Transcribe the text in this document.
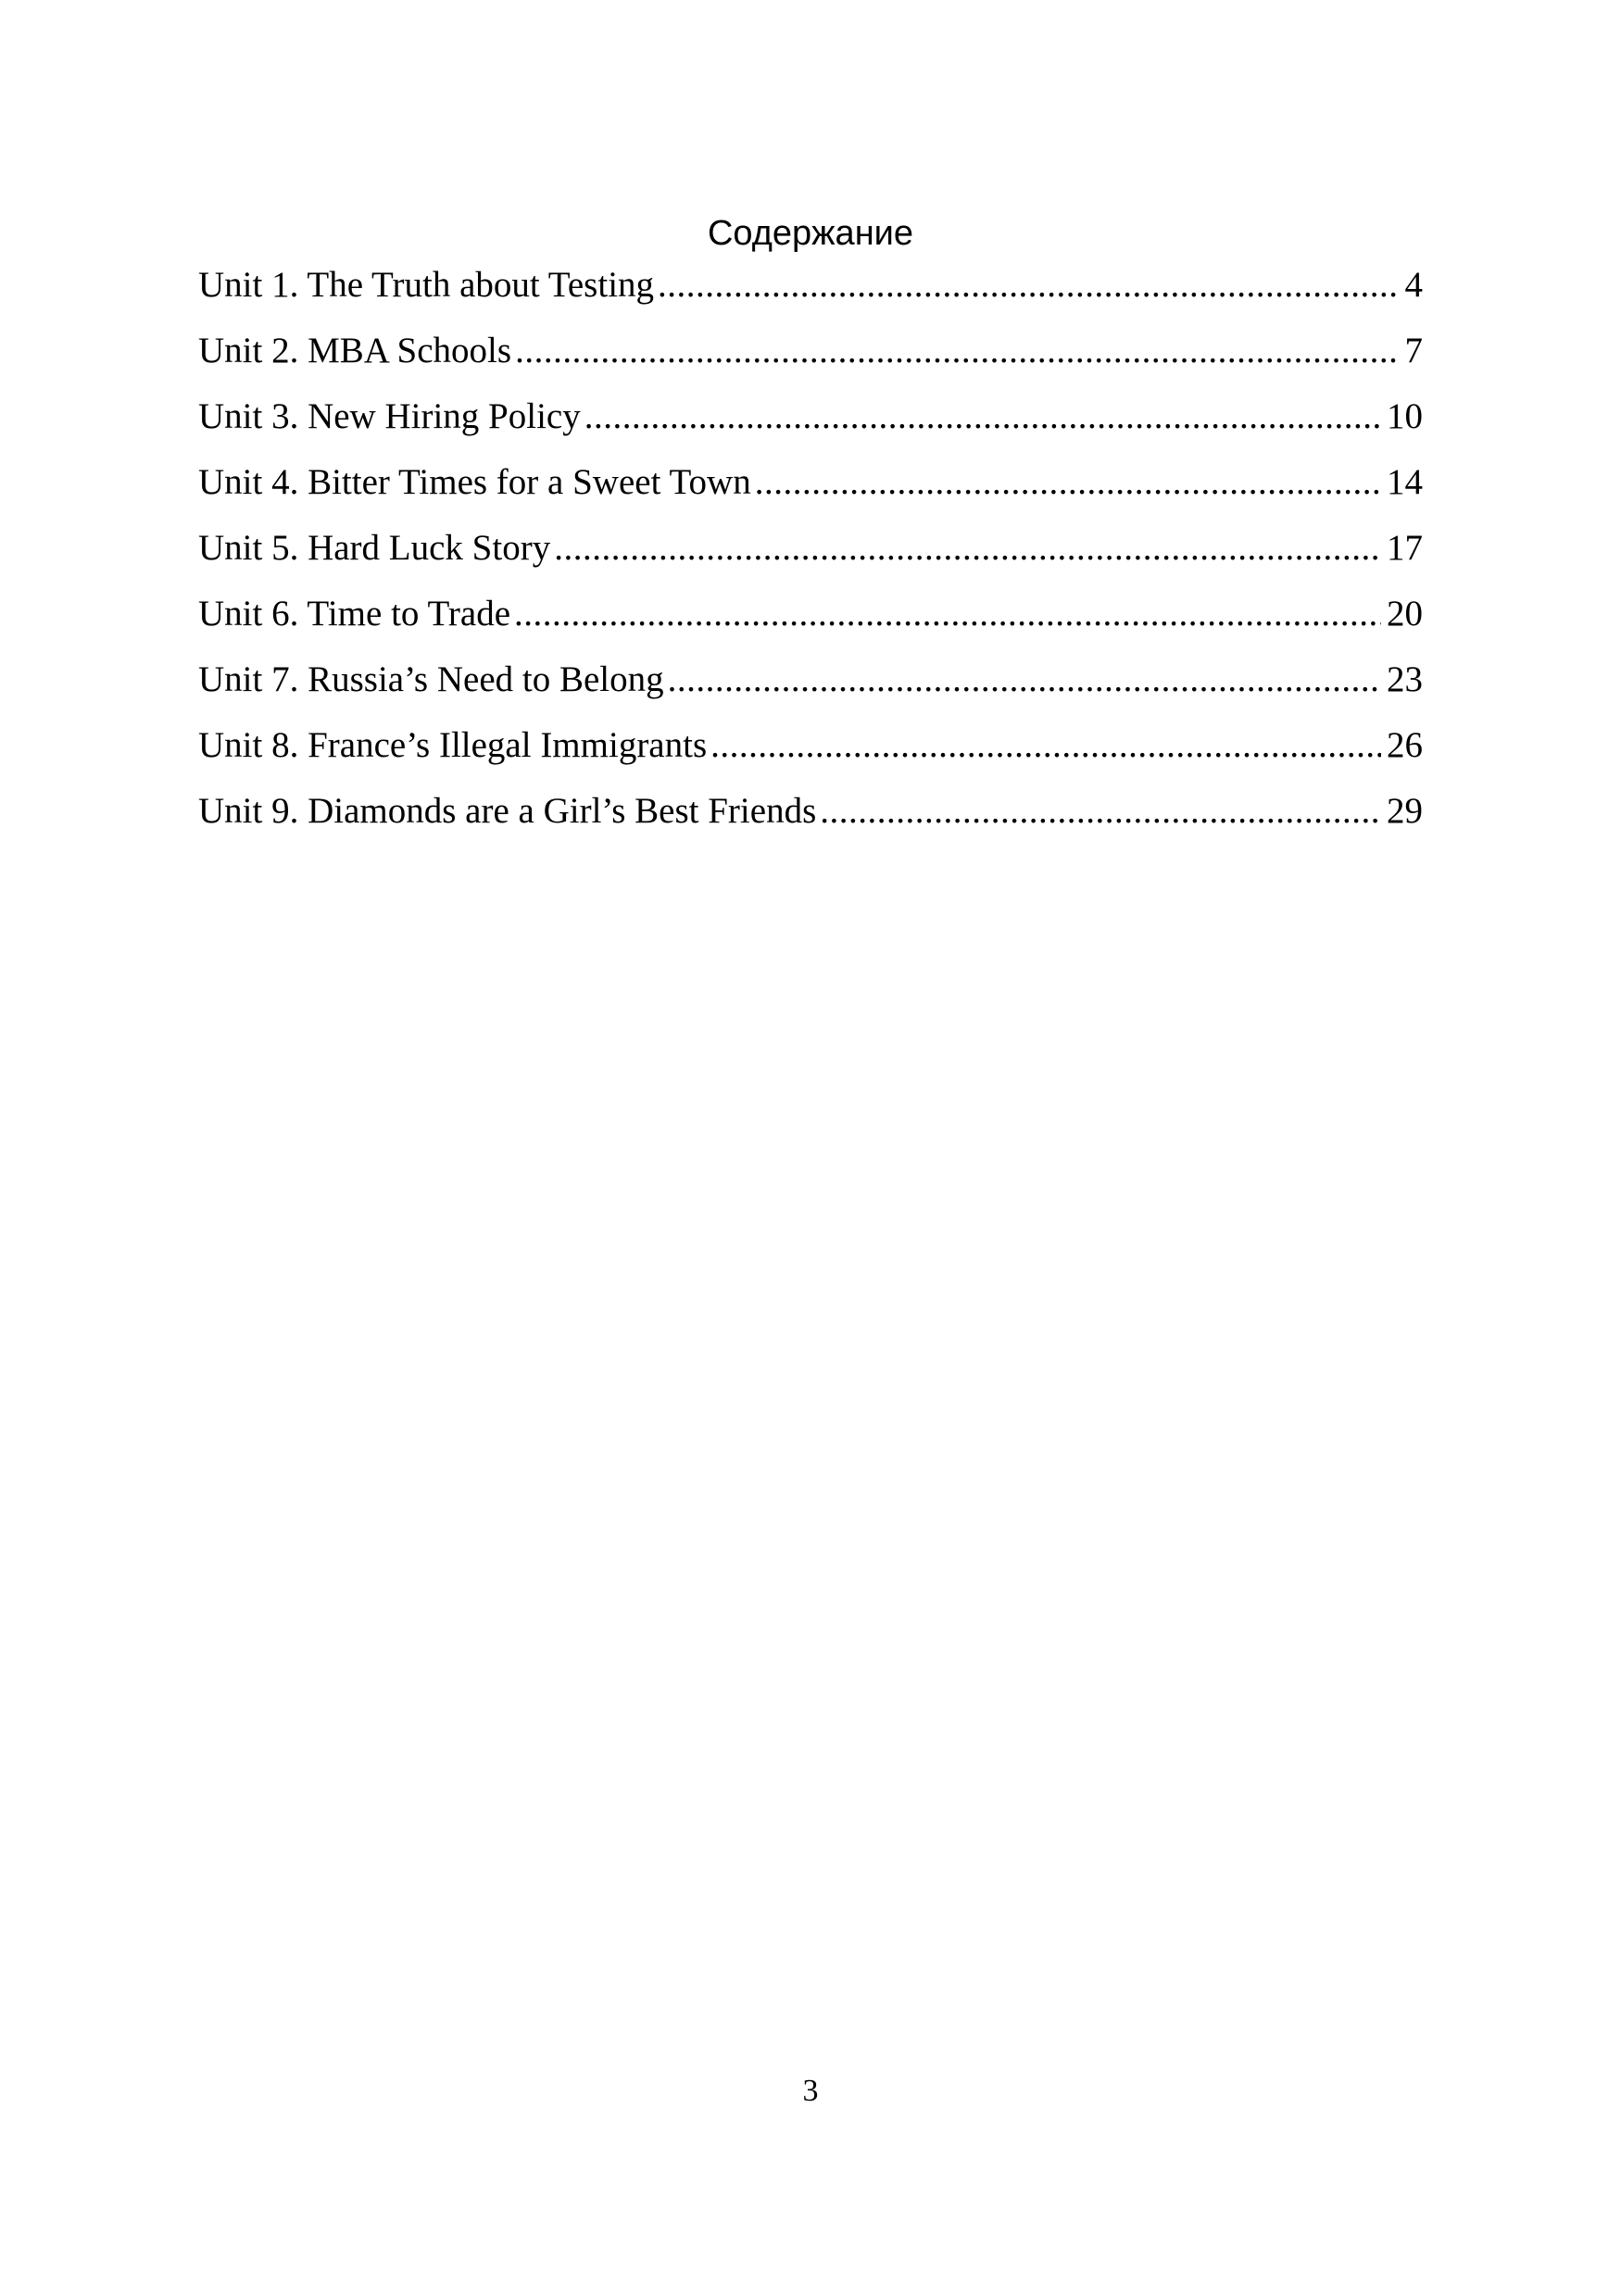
Содержание
Unit 1. The Truth about Testing .....	4
Unit 2. MBA Schools .....	7
Unit 3. New Hiring Policy .....	10
Unit 4. Bitter Times for a Sweet Town .....	14
Unit 5. Hard Luck Story .....	17
Unit 6. Time to Trade .....	20
Unit 7. Russia’s Need to Belong .....	23
Unit 8. France’s Illegal Immigrants .....	26
Unit 9. Diamonds are a Girl’s Best Friends .....	29
3
